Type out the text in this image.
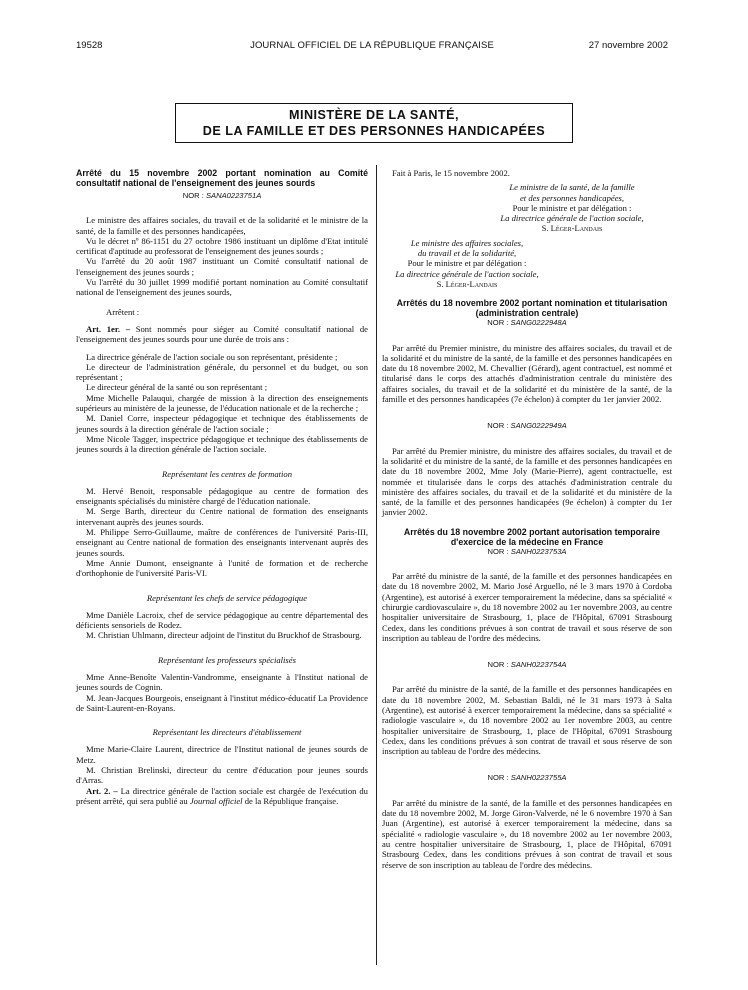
19528	JOURNAL OFFICIEL DE LA RÉPUBLIQUE FRANÇAISE	27 novembre 2002
MINISTÈRE DE LA SANTÉ,
DE LA FAMILLE ET DES PERSONNES HANDICAPÉES

Arrêté du 15 novembre 2002 portant nomination au Comité consultatif national de l'enseignement des jeunes sourds

NOR : SANA0223751A

Le ministre des affaires sociales, du travail et de la solidarité et le ministre de la santé, de la famille et des personnes handicapées,

Vu le décret nº 86-1151 du 27 octobre 1986 instituant un diplôme d'Etat intitulé certificat d'aptitude au professorat de l'enseignement des jeunes sourds ;

Vu l'arrêté du 20 août 1987 instituant un Comité consultatif national de l'enseignement des jeunes sourds ;

Vu l'arrêté du 30 juillet 1999 modifié portant nomination au Comité consultatif national de l'enseignement des jeunes sourds,

Arrêtent :

Art. 1er. – Sont nommés pour siéger au Comité consultatif national de l'enseignement des jeunes sourds pour une durée de trois ans :

La directrice générale de l'action sociale ou son représentant, présidente ;

Le directeur de l'administration générale, du personnel et du budget, ou son représentant ;

Le directeur général de la santé ou son représentant ;

Mme Michelle Palauqui, chargée de mission à la direction des enseignements supérieurs au ministère de la jeunesse, de l'éducation nationale et de la recherche ;

M. Daniel Corre, inspecteur pédagogique et technique des établissements de jeunes sourds à la direction générale de l'action sociale ;

Mme Nicole Tagger, inspectrice pédagogique et technique des établissements de jeunes sourds à la direction générale de l'action sociale.

Représentant les centres de formation

M. Hervé Benoit, responsable pédagogique au centre de formation des enseignants spécialisés du ministère chargé de l'éducation nationale.

M. Serge Barth, directeur du Centre national de formation des enseignants intervenant auprès des jeunes sourds.

M. Philippe Serro-Guillaume, maître de conférences de l'université Paris-III, enseignant au Centre national de formation des enseignants intervenant auprès des jeunes sourds.

Mme Annie Dumont, enseignante à l'unité de formation et de recherche d'orthophonie de l'université Paris-VI.

Représentant les chefs de service pédagogique

Mme Danièle Lacroix, chef de service pédagogique au centre départemental des déficients sensoriels de Rodez.

M. Christian Uhlmann, directeur adjoint de l'institut du Bruckhof de Strasbourg.

Représentant les professeurs spécialisés

Mme Anne-Benoîte Valentin-Vandromme, enseignante à l'Institut national de jeunes sourds de Cognin.

M. Jean-Jacques Bourgeois, enseignant à l'institut médico-éducatif La Providence de Saint-Laurent-en-Royans.

Représentant les directeurs d'établissement

Mme Marie-Claire Laurent, directrice de l'Institut national de jeunes sourds de Metz.

M. Christian Brelinski, directeur du centre d'éducation pour jeunes sourds d'Arras.

Art. 2. – La directrice générale de l'action sociale est chargée de l'exécution du présent arrêté, qui sera publié au Journal officiel de la République française.

Fait à Paris, le 15 novembre 2002.

Le ministre de la santé, de la famille
et des personnes handicapées,
Pour le ministre et par délégation :
La directrice générale de l'action sociale,
S. Léger-Landais
Le ministre des affaires sociales,
du travail et de la solidarité,
Pour le ministre et par délégation :
La directrice générale de l'action sociale,
S. Léger-Landais

Arrêtés du 18 novembre 2002 portant nomination et titularisation (administration centrale)

NOR : SANG0222948A

Par arrêté du Premier ministre, du ministre des affaires sociales, du travail et de la solidarité et du ministre de la santé, de la famille et des personnes handicapées en date du 18 novembre 2002, M. Chevallier (Gérard), agent contractuel, est nommé et titularisé dans le corps des attachés d'administration centrale du ministère des affaires sociales, du travail et de la solidarité et du ministère de la santé, de la famille et des personnes handicapées (7e échelon) à compter du 1er janvier 2002.

NOR : SANG0222949A

Par arrêté du Premier ministre, du ministre des affaires sociales, du travail et de la solidarité et du ministre de la santé, de la famille et des personnes handicapées en date du 18 novembre 2002, Mme Joly (Marie-Pierre), agent contractuelle, est nommée et titularisée dans le corps des attachés d'administration centrale du ministère des affaires sociales, du travail et de la solidarité et du ministère de la santé, de la famille et des personnes handicapées (9e échelon) à compter du 1er janvier 2002.

Arrêtés du 18 novembre 2002 portant autorisation temporaire d'exercice de la médecine en France

NOR : SANH0223753A

Par arrêté du ministre de la santé, de la famille et des personnes handicapées en date du 18 novembre 2002, M. Mario José Arguello, né le 3 mars 1970 à Cordoba (Argentine), est autorisé à exercer temporairement la médecine, dans sa spécialité « chirurgie cardiovasculaire », du 18 novembre 2002 au 1er novembre 2003, au centre hospitalier universitaire de Strasbourg, 1, place de l'Hôpital, 67091 Strasbourg Cedex, dans les conditions prévues à son contrat de travail et sous réserve de son inscription au tableau de l'ordre des médecins.

NOR : SANH0223754A

Par arrêté du ministre de la santé, de la famille et des personnes handicapées en date du 18 novembre 2002, M. Sebastian Baldi, né le 31 mars 1973 à Salta (Argentine), est autorisé à exercer temporairement la médecine, dans sa spécialité « radiologie vasculaire », du 18 novembre 2002 au 1er novembre 2003, au centre hospitalier universitaire de Strasbourg, 1, place de l'Hôpital, 67091 Strasbourg Cedex, dans les conditions prévues à son contrat de travail et sous réserve de son inscription au tableau de l'ordre des médecins.

NOR : SANH0223755A

Par arrêté du ministre de la santé, de la famille et des personnes handicapées en date du 18 novembre 2002, M. Jorge Giron-Valverde, né le 6 novembre 1970 à San Juan (Argentine), est autorisé à exercer temporairement la médecine, dans sa spécialité « radiologie vasculaire », du 18 novembre 2002 au 1er novembre 2003, au centre hospitalier universitaire de Strasbourg, 1, place de l'Hôpital, 67091 Strasbourg Cedex, dans les conditions prévues à son contrat de travail et sous réserve de son inscription au tableau de l'ordre des médecins.
